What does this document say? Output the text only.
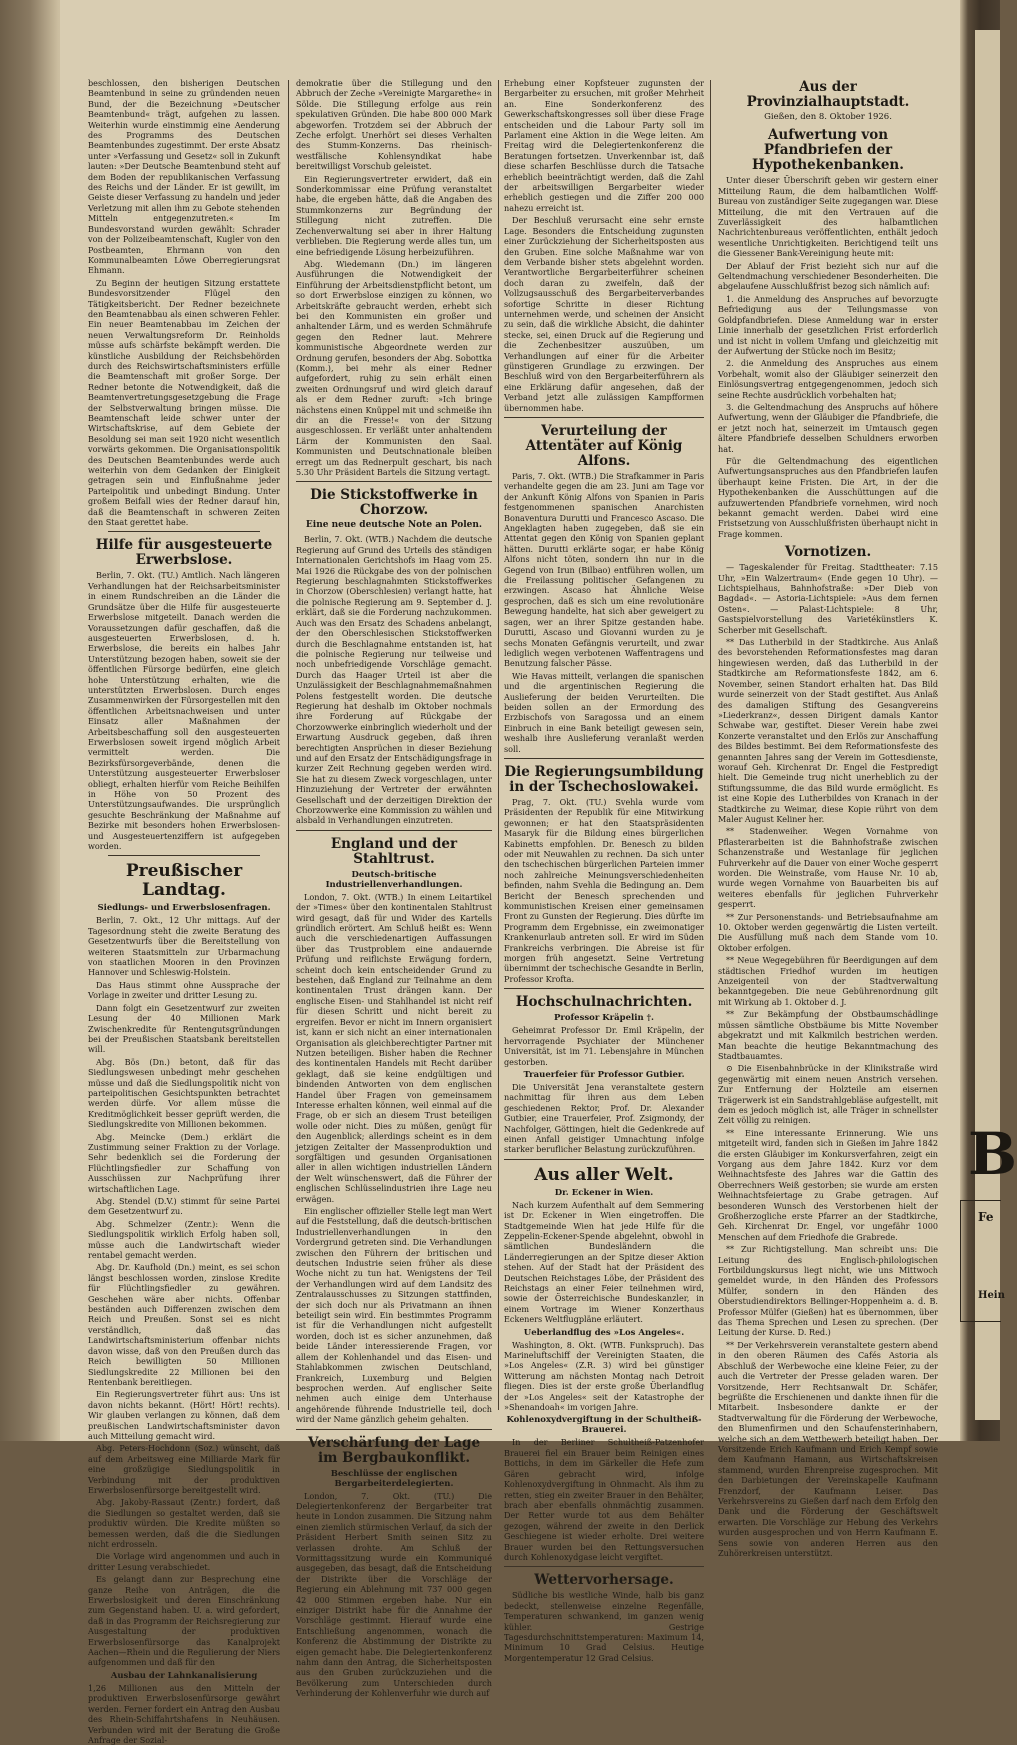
beschlossen, den bisherigen Deutschen Beamtenbund in seine zu gründenden neuen Bund, der die Bezeichnung »Deutscher Beamtenbund« trägt, aufgehen zu lassen. Weiterhin wurde einstimmig eine Aenderung des Programms des Deutschen Beamtenbundes zugestimmt. Der erste Absatz unter »Verfassung und Gesetz« soll in Zukunft lauten: »Der Deutsche Beamtenbund steht auf dem Boden der republikanischen Verfassung des Reichs und der Länder. Er ist gewillt, im Geiste dieser Verfassung zu handeln und jeder Verletzung mit allen ihm zu Gebote stehenden Mitteln entgegenzutreten.« Im Bundesvorstand wurden gewählt: Schrader von der Polizeibeamtenschaft, Kugler von den Postbeamten, Ehrmann von den Kommunalbeamten Löwe Oberregierungsrat Ehmann.

Zu Beginn der heutigen Sitzung erstattete Bundesvorsitzender Flügel den Tätigkeitsbericht. Der Redner bezeichnete den Beamtenabbau als einen schweren Fehler. Ein neuer Beamtenabbau im Zeichen der neuen Verwaltungsreform Dr. Reinholds müsse aufs schärfste bekämpft werden. Die künstliche Ausbildung der Reichsbehörden durch des Reichswirtschaftsministers erfülle die Beamtenschaft mit großer Sorge. Der Redner betonte die Notwendigkeit, daß die Beamtenvertretungsgesetzgebung die Frage der Selbstverwaltung bringen müsse. Die Beamtenschaft leide schwer unter der Wirtschaftskrise, auf dem Gebiete der Besoldung sei man seit 1920 nicht wesentlich vorwärts gekommen. Die Organisationspolitik des Deutschen Beamtenbundes werde auch weiterhin von dem Gedanken der Einigkeit getragen sein und Einflußnahme jeder Parteipolitik und unbedingt Bindung. Unter großem Beifall wies der Redner darauf hin, daß die Beamtenschaft in schweren Zeiten den Staat gerettet habe.

Hilfe für ausgesteuerte Erwerbslose.

Berlin, 7. Okt. (TU.) Amtlich. Nach längeren Verhandlungen hat der Reichsarbeitsminister in einem Rundschreiben an die Länder die Grundsätze über die Hilfe für ausgesteuerte Erwerbslose mitgeteilt. Danach werden die Voraussetzungen dafür geschaffen, daß die ausgesteuerten Erwerbslosen, d. h. Erwerbslose, die bereits ein halbes Jahr Unterstützung bezogen haben, soweit sie der öffentlichen Fürsorge bedürfen, eine gleich hohe Unterstützung erhalten, wie die unterstützten Erwerbslosen. Durch enges Zusammenwirken der Fürsorgestellen mit den öffentlichen Arbeitsnachweisen und unter Einsatz aller Maßnahmen der Arbeitsbeschaffung soll den ausgesteuerten Erwerbslosen soweit irgend möglich Arbeit vermittelt werden. Die Bezirksfürsorgeverbände, denen die Unterstützung ausgesteuerter Erwerbsloser obliegt, erhalten hierfür vom Reiche Beihilfen in Höhe von 50 Prozent des Unterstützungsaufwandes. Die ursprünglich gesuchte Beschränkung der Maßnahme auf Bezirke mit besonders hohen Erwerbslosen- und Ausgesteuertenziffern ist aufgegeben worden.

Preußischer Landtag.
Siedlungs- und Erwerbslosenfragen.

Berlin, 7. Okt., 12 Uhr mittags. Auf der Tagesordnung steht die zweite Beratung des Gesetzentwurfs über die Bereitstellung von weiteren Staatsmitteln zur Urbarmachung von staatlichen Mooren in den Provinzen Hannover und Schleswig-Holstein.

Das Haus stimmt ohne Aussprache der Vorlage in zweiter und dritter Lesung zu.

Dann folgt ein Gesetzentwurf zur zweiten Lesung der 40 Millionen Mark Zwischenkredite für Rentengutsgründungen bei der Preußischen Staatsbank bereitstellen will.

Abg. Bös (Dn.) betont, daß für das Siedlungswesen unbedingt mehr geschehen müsse und daß die Siedlungspolitik nicht von parteipolitischen Gesichtspunkten betrachtet werden dürfe. Vor allem müsse die Kreditmöglichkeit besser geprüft werden, die Siedlungskredite von Millionen bekommen.

Abg. Meincke (Dem.) erklärt die Zustimmung seiner Fraktion zu der Vorlage. Sehr bedenklich sei die Forderung der Flüchtlingsfiedler zur Schaffung von Ausschüssen zur Nachprüfung ihrer wirtschaftlichen Lage.

Abg. Stendel (D.V.) stimmt für seine Partei dem Gesetzentwurf zu.

Abg. Schmelzer (Zentr.): Wenn die Siedlungspolitik wirklich Erfolg haben soll, müsse auch die Landwirtschaft wieder rentabel gemacht werden.

Abg. Dr. Kaufhold (Dn.) meint, es sei schon längst beschlossen worden, zinslose Kredite für Flüchtlingsfiedler zu gewähren. Geschehen wäre aber nichts. Offenbar beständen auch Differenzen zwischen dem Reich und Preußen. Sonst sei es nicht verständlich, daß das Landwirtschaftsministerium offenbar nichts davon wisse, daß von den Preußen durch das Reich bewilligten 50 Millionen Siedlungskredite 22 Millionen bei den Rentenbank bereitliegen.

Ein Regierungsvertreter führt aus: Uns ist davon nichts bekannt. (Hört! Hört! rechts). Wir glauben verlangen zu können, daß dem preußischen Landwirtschaftsminister davon auch Mitteilung gemacht wird.

Abg. Peters-Hochdonn (Soz.) wünscht, daß auf dem Arbeitsweg eine Milliarde Mark für eine großzügige Siedlungspolitik in Verbindung mit der produktiven Erwerbslosenfürsorge bereitgestellt wird.

Abg. Jakoby-Rassaut (Zentr.) fordert, daß die Siedlungen so gestaltet werden, daß sie produktiv würden. Die Kredite müßten so bemessen werden, daß die die Siedlungen nicht erdrosseln.

Die Vorlage wird angenommen und auch in dritter Lesung verabschiedet.

Es gelangt dann zur Besprechung eine ganze Reihe von Anträgen, die die Erwerbslosigkeit und deren Einschränkung zum Gegenstand haben. U. a. wird gefordert, daß in das Programm der Reichsregierung zur Ausgestaltung der produktiven Erwerbslosenfürsorge das Kanalprojekt Aachen—Rhein und die Regulierung der Niers aufgenommen und daß für den

Ausbau der Lahnkanalisierung

1,26 Millionen aus den Mitteln der produktiven Erwerbslosenfürsorge gewährt werden. Ferner fordert ein Antrag den Ausbau des Rhein-Schiffahrtshafens in Neuhäusen. Verbunden wird mit der Beratung die Große Anfrage der Sozial-

demokratie über die Stillegung und den Abbruch der Zeche »Vereinigte Margarethe« in Sölde. Die Stillegung erfolge aus rein spekulativen Gründen. Die habe 800 000 Mark abgeworfen. Trotzdem sei der Abbruch der Zeche erfolgt. Unerhört sei dieses Verhalten des Stumm-Konzerns. Das rheinisch-westfälische Kohlensyndikat habe bereitwilligst Vorschub geleistet.

Ein Regierungsvertreter erwidert, daß ein Sonderkommissar eine Prüfung veranstaltet habe, die ergeben hätte, daß die Angaben des Stummkonzerns zur Begründung der Stillegung nicht zutreffen. Die Zechenverwaltung sei aber in ihrer Haltung verblieben. Die Regierung werde alles tun, um eine befriedigende Lösung herbeizuführen.

Abg. Wiedemann (Dn.) im längeren Ausführungen die Notwendigkeit der Einführung der Arbeitsdienstpflicht betont, um so dort Erwerbslose einzigen zu können, wo Arbeitskräfte gebraucht werden, erhebt sich bei den Kommunisten ein großer und anhaltender Lärm, und es werden Schmährufe gegen den Redner laut. Mehrere kommunistische Abgeordnete werden zur Ordnung gerufen, besonders der Abg. Sobottka (Komm.), bei mehr als einer Redner aufgefordert, ruhig zu sein erhält einen zweiten Ordnungsruf und wird gleich darauf als er dem Redner zuruft: »Ich bringe nächstens einen Knüppel mit und schmeiße ihn dir an die Fresse!« von der Sitzung ausgeschlossen. Er verläßt unter anhaltendem Lärm der Kommunisten den Saal. Kommunisten und Deutschnationale bleiben erregt um das Rednerpult geschart, bis nach 5.30 Uhr Präsident Bartels die Sitzung vertagt.

Die Stickstoffwerke in Chorzow.
Eine neue deutsche Note an Polen.

Berlin, 7. Okt. (WTB.) Nachdem die deutsche Regierung auf Grund des Urteils des ständigen Internationalen Gerichtshofs im Haag vom 25. Mai 1926 die Rückgabe des von der polnischen Regierung beschlagnahmten Stickstoffwerkes in Chorzow (Oberschlesien) verlangt hatte, hat die polnische Regierung am 9. September d. J. erklärt, daß sie die Forderung nachzukommen. Auch was den Ersatz des Schadens anbelangt, der den Oberschlesischen Stickstoffwerken durch die Beschlagnahme entstanden ist, hat die polnische Regierung nur teilweise und noch unbefriedigende Vorschläge gemacht. Durch das Haager Urteil ist aber die Unzulässigkeit der Beschlagnahmemaßnahmen Polens festgestellt worden. Die deutsche Regierung hat deshalb im Oktober nochmals ihre Forderung auf Rückgabe der Chorzowwerke einbringlich wiederholt und der Erwartung Ausdruck gegeben, daß ihren berechtigten Ansprüchen in dieser Beziehung und auf den Ersatz der Entschädigungsfrage in kurzer Zeit Rechnung gegeben werden wird. Sie hat zu diesem Zweck vorgeschlagen, unter Hinzuziehung der Vertreter der erwähnten Gesellschaft und der derzeitigen Direktion der Chorzowwerke eine Kommission zu wählen und alsbald in Verhandlungen einzutreten.

England und der Stahltrust.
Deutsch-britische Industriellenverhandlungen.

London, 7. Okt. (WTB.) In einem Leitartikel der »Times« über den kontinentalen Stahltrust wird gesagt, daß für und Wider des Kartells gründlich erörtert. Am Schluß heißt es: Wenn auch die verschiedenartigen Auffassungen über das Trustproblem eine andauernde Prüfung und reiflichste Erwägung fordern, scheint doch kein entscheidender Grund zu bestehen, daß England zur Teilnahme an dem kontinentalen Trust drängen kann. Der englische Eisen- und Stahlhandel ist nicht reif für diesen Schritt und nicht bereit zu ergreifen. Bevor er nicht im Innern organisiert ist, kann er sich nicht an einer internationalen Organisation als gleichberechtigter Partner mit Nutzen beteiligen. Bisher haben die Rechner des kontinentalen Handels mit Recht darüber geklagt, daß sie keine endgültigen und bindenden Antworten von dem englischen Handel über Fragen von gemeinsamem Interesse erhalten können, weil einmal auf die Frage, ob er sich an diesem Trust beteiligen wolle oder nicht. Dies zu müßen, genügt für den Augenblick; allerdings scheint es in dem jetzigen Zeitalter der Massenproduktion und sorgfältigen und gesunden Organisationen aller in allen wichtigen industriellen Ländern der Welt wünschenswert, daß die Führer der englischen Schlüsselindustrien ihre Lage neu erwägen.

Ein englischer offizieller Stelle legt man Wert auf die Feststellung, daß die deutsch-britischen Industriellenverhandlungen in den Vordergrund getreten sind. Die Verhandlungen zwischen den Führern der britischen und deutschen Industrie seien früher als diese Woche nicht zu tun hat. Wenigstens der Teil der Verhandlungen wird auf dem Landsitz des Zentralausschusses zu Sitzungen stattfinden, der sich doch nur als Privatmann an ihnen beteiligt sein wird. Ein bestimmtes Programm ist für die Verhandlungen nicht aufgestellt worden, doch ist es sicher anzunehmen, daß beide Länder interessierende Fragen, vor allem der Kohlenhandel und das Eisen- und Stahlabkommen zwischen Deutschland, Frankreich, Luxemburg und Belgien besprochen werden. Auf englischer Seite nehmen auch einige dem Unterhause angehörende führende Industrielle teil, doch wird der Name gänzlich geheim gehalten.

Verschärfung der Lage im Bergbaukonflikt.
Beschlüsse der englischen Bergarbeiterdelegierten.

London, 7. Okt. (TU.) Die Delegiertenkonferenz der Bergarbeiter trat heute in London zusammen. Die Sitzung nahm einen ziemlich stürmischen Verlauf, da sich der Präsident Herbert Smith seinen Sitz zu verlassen drohte. Am Schluß der Vormittagssitzung wurde ein Kommuniqué ausgegeben, das besagt, daß die Entscheidung der Distrikte über die Vorschläge der Regierung ein Ablehnung mit 737 000 gegen 42 000 Stimmen ergeben habe. Nur ein einziger Distrikt habe für die Annahme der Vorschläge gestimmt. Hierauf wurde eine Entschließung angenommen, wonach die Konferenz die Abstimmung der Distrikte zu eigen gemacht habe. Die Delegiertenkonferenz nahm dann den Antrag, die Sicherheitsposten aus den Gruben zurückzuziehen und die Bevölkerung zum Unterschieden durch Verhinderung der Kohlenverfuhr wie durch auf

Erhebung einer Kopfsteuer zugunsten der Bergarbeiter zu ersuchen, mit großer Mehrheit an. Eine Sonderkonferenz des Gewerkschaftskongresses soll über diese Frage entscheiden und die Labour Party soll im Parlament eine Aktion in die Wege leiten. Am Freitag wird die Delegiertenkonferenz die Beratungen fortsetzen. Unverkennbar ist, daß diese scharfen Beschlüsse durch die Tatsache erheblich beeinträchtigt werden, daß die Zahl der arbeitswilligen Bergarbeiter wieder erheblich gestiegen und die Ziffer 200 000 nahezu erreicht ist.

Der Beschluß verursacht eine sehr ernste Lage. Besonders die Entscheidung zugunsten einer Zurückziehung der Sicherheitsposten aus den Gruben. Eine solche Maßnahme war von dem Verbande bisher stets abgelehnt worden. Verantwortliche Bergarbeiterführer scheinen doch daran zu zweifeln, daß der Vollzugsausschuß des Bergarbeiterverbandes sofortige Schritte in dieser Richtung unternehmen werde, und scheinen der Ansicht zu sein, daß die wirkliche Absicht, die dahinter stecke, sei, einen Druck auf die Regierung und die Zechenbesitzer auszuüben, um Verhandlungen auf einer für die Arbeiter günstigeren Grundlage zu erzwingen. Der Beschluß wird von den Bergarbeiterführern als eine Erklärung dafür angesehen, daß der Verband jetzt alle zulässigen Kampfformen übernommen habe.

Verurteilung der Attentäter auf König Alfons.

Paris, 7. Okt. (WTB.) Die Strafkammer in Paris verhandelte gegen die am 23. Juni am Tage vor der Ankunft König Alfons von Spanien in Paris festgenommenen spanischen Anarchisten Bonaventura Durutti und Francesco Ascaso. Die Angeklagten haben zugegeben, daß sie ein Attentat gegen den König von Spanien geplant hätten. Durutti erklärte sogar, er habe König Alfons nicht töten, sondern ihn nur in die Gegend von Irun (Bilbao) entführen wollen, um die Freilassung politischer Gefangenen zu erzwingen. Ascaso hat Ähnliche Weise gesprochen, daß es sich um eine revolutionäre Bewegung handelte, hat sich aber geweigert zu sagen, wer an ihrer Spitze gestanden habe. Durutti, Ascaso und Giovanni wurden zu je sechs Monaten Gefängnis verurteilt, und zwar lediglich wegen verbotenen Waffentragens und Benutzung falscher Pässe.

Wie Havas mitteilt, verlangen die spanischen und die argentinischen Regierung die Auslieferung der beiden Verurteilten. Die beiden sollen an der Ermordung des Erzbischofs von Saragossa und an einem Einbruch in eine Bank beteiligt gewesen sein, weshalb ihre Auslieferung veranlaßt werden soll.

Die Regierungsumbildung in der Tschechoslowakei.

Prag, 7. Okt. (TU.) Svehla wurde vom Präsidenten der Republik für eine Mitwirkung gewonnen; er hat den Staatspräsidenten Masaryk für die Bildung eines bürgerlichen Kabinetts empfohlen. Dr. Benesch zu bilden oder mit Neuwahlen zu rechnen. Da sich unter den tschechischen bürgerlichen Parteien immer noch zahlreiche Meinungsverschiedenheiten befinden, nahm Svehla die Bedingung an. Dem Bericht der Benesch sprechenden und kommunistischen Kreisen einer gemeinsamen Front zu Gunsten der Regierung. Dies dürfte im Programm dem Ergebnisse, ein zweimonatiger Krankenurlaub antreten soll. Er wird im Süden Frankreichs verbringen. Die Abreise ist für morgen früh angesetzt. Seine Vertretung übernimmt der tschechische Gesandte in Berlin, Professor Krofta.

Hochschulnachrichten.
Professor Kräpelin †.

Geheimrat Professor Dr. Emil Kräpelin, der hervorragende Psychiater der Münchener Universität, ist im 71. Lebensjahre in München gestorben.

Trauerfeier für Professor Gutbier.

Die Universität Jena veranstaltete gestern nachmittag für ihren aus dem Leben geschiedenen Rektor, Prof. Dr. Alexander Gutbier, eine Trauerfeier, Prof. Zsigmondy, der Nachfolger, Göttingen, hielt die Gedenkrede auf einen Anfall geistiger Umnachtung infolge starker beruflicher Belastung zurückzuführen.

Aus aller Welt.
Dr. Eckener in Wien.

Nach kurzem Aufenthalt auf dem Semmering ist Dr. Eckener in Wien eingetroffen. Die Stadtgemeinde Wien hat jede Hilfe für die Zeppelin-Eckener-Spende abgelehnt, obwohl in sämtlichen Bundesländern die Länderregierungen an der Spitze dieser Aktion stehen. Auf der Stadt hat der Präsident des Deutschen Reichstages Löbe, der Präsident des Reichstags an einer Feier teilnehmen wird, sowie der Österreichische Bundeskanzler, in einem Vortrage im Wiener Konzerthaus Eckeners Weltflugpläne erläutert.

Ueberlandflug des »Los Angeles«.

Washington, 8. Okt. (WTB. Funkspruch). Das Marineluftschiff der Vereinigten Staaten, die »Los Angeles« (Z.R. 3) wird bei günstiger Witterung am nächsten Montag nach Detroit fliegen. Dies ist der erste große Überlandflug der »Los Angeles« seit der Katastrophe der »Shenandoah« im vorigen Jahre.

Kohlenoxydvergiftung in der Schultheiß-Brauerei.

In der Berliner Schultheiß-Patzenhofer Brauerei fiel ein Brauer beim Reinigen eines Bottichs, in dem im Gärkeller die Hefe zum Gären gebracht wird, infolge Kohlenoxydvergiftung in Ohnmacht. Als ihm zu retten, stieg ein zweiter Brauer in den Behälter, brach aber ebenfalls ohnmächtig zusammen. Der Retter wurde tot aus dem Behälter gezogen, während der zweite in den Derlick Geschiegene ist wieder erholte. Drei weitere Brauer wurden bei den Rettungsversuchen durch Kohlenoxydgase leicht vergiftet.

Wettervorhersage.

Südliche bis westliche Winde, halb bis ganz bedeckt, stellenweise einzelne Regenfälle, Temperaturen schwankend, im ganzen wenig kühler. Gestrige Tagesdurchschnittstemperaturen: Maximum 14, Minimum 10 Grad Celsius. Heutige Morgentemperatur 12 Grad Celsius.

Aus der Provinzialhauptstadt.
Gießen, den 8. Oktober 1926.
Aufwertung von Pfandbriefen der Hypothekenbanken.

Unter dieser Überschrift geben wir gestern einer Mitteilung Raum, die dem halbamtlichen Wolff-Bureau von zuständiger Seite zugegangen war. Diese Mitteilung, die mit den Vertrauen auf die Zuverlässigkeit des halbamtlichen Nachrichtenbureaus veröffentlichten, enthält jedoch wesentliche Unrichtigkeiten. Berichtigend teilt uns die Giessener Bank-Vereinigung heute mit:

Der Ablauf der Frist bezieht sich nur auf die Geltendmachung verschiedener Besonderheiten. Die abgelaufene Ausschlußfrist bezog sich nämlich auf:

1. die Anmeldung des Anspruches auf bevorzugte Befriedigung aus der Teilungsmasse von Goldpfandbriefen. Diese Anmeldung war in erster Linie innerhalb der gesetzlichen Frist erforderlich und ist nicht in vollem Umfang und gleichzeitig mit der Aufwertung der Stücke noch im Besitz;

2. die Anmeldung des Anspruches aus einem Vorbehalt, womit also der Gläubiger seinerzeit den Einlösungsvertrag entgegengenommen, jedoch sich seine Rechte ausdrücklich vorbehalten hat;

3. die Geltendmachung des Anspruchs auf höhere Aufwertung, wenn der Gläubiger die Pfandbriefe, die er jetzt noch hat, seinerzeit im Umtausch gegen ältere Pfandbriefe desselben Schuldners erworben hat.

Für die Geltendmachung des eigentlichen Aufwertungsanspruches aus den Pfandbriefen laufen überhaupt keine Fristen. Die Art, in der die Hypothekenbanken die Ausschüttungen auf die aufzuwertenden Pfandbriefe vornehmen, wird noch bekannt gemacht werden. Dabei wird eine Fristsetzung von Ausschlußfristen überhaupt nicht in Frage kommen.

Vornotizen.

— Tageskalender für Freitag. Stadttheater: 7.15 Uhr, »Ein Walzertraum« (Ende gegen 10 Uhr). — Lichtspielhaus, Bahnhofstraße: »Der Dieb von Bagdad«. — Astoria-Lichtspiele: »Aus dem fernen Osten«. — Palast-Lichtspiele: 8 Uhr, Gastspielvorstellung des Varietékünstlers K. Scherber mit Gesellschaft.

** Das Lutherbild in der Stadtkirche. Aus Anlaß des bevorstehenden Reformationsfestes mag daran hingewiesen werden, daß das Lutherbild in der Stadtkirche am Reformationsfeste 1842, am 6. November, seinen Standort erhalten hat. Das Bild wurde seinerzeit von der Stadt gestiftet. Aus Anlaß des damaligen Stiftung des Gesangvereins »Liederkranz«, dessen Dirigent damals Kantor Schwabe war, gestiftet. Dieser Verein habe zwei Konzerte veranstaltet und den Erlös zur Anschaffung des Bildes bestimmt. Bei dem Reformationsfeste des genannten Jahres sang der Verein im Gottesdienste, worauf Geh. Kirchenrat Dr. Engel die Festpredigt hielt. Die Gemeinde trug nicht unerheblich zu der Stiftungssumme, die das Bild wurde ermöglicht. Es ist eine Kopie des Lutherbildes von Kranach in der Stadtkirche zu Weimar, diese Kopie rührt von dem Maler August Keliner her.

** Stadenweiher. Wegen Vornahme von Pflasterarbeiten ist die Bahnhofstraße zwischen Schanzenstraße und Westanlage für jeglichen Fuhrverkehr auf die Dauer von einer Woche gesperrt worden. Die Weinstraße, vom Hause Nr. 10 ab, wurde wegen Vornahme von Bauarbeiten bis auf weiteres ebenfalls für jeglichen Fuhrverkehr gesperrt.

** Zur Personenstands- und Betriebsaufnahme am 10. Oktober werden gegenwärtig die Listen verteilt. Die Ausfüllung muß nach dem Stande vom 10. Oktober erfolgen.

** Neue Wegegebühren für Beerdigungen auf dem städtischen Friedhof wurden im heutigen Anzeigenteil von der Stadtverwaltung bekanntgegeben. Die neue Gebührenordnung gilt mit Wirkung ab 1. Oktober d. J.

** Zur Bekämpfung der Obstbaumschädlinge müssen sämtliche Obstbäume bis Mitte November abgekratzt und mit Kalkmilch bestrichen werden. Man beachte die heutige Bekanntmachung des Stadtbauamtes.

⊙ Die Eisenbahnbrücke in der Klinikstraße wird gegenwärtig mit einem neuen Anstrich versehen. Zur Entfernung der Holzteile am eisernen Trägerwerk ist ein Sandstrahlgebläse aufgestellt, mit dem es jedoch möglich ist, alle Träger in schnellster Zeit völlig zu reinigen.

** Eine interessante Erinnerung. Wie uns mitgeteilt wird, fanden sich in Gießen im Jahre 1842 die ersten Gläubiger im Konkursverfahren, zeigt ein Vorgang aus dem Jahre 1842. Kurz vor dem Weihnachtsfeste des Jahres war die Gattin des Oberrechners Weiß gestorben; sie wurde am ersten Weihnachtsfeiertage zu Grabe getragen. Auf besonderen Wunsch des Verstorbenen hielt der Großherzogliche erste Pfarrer an der Stadtkirche, Geh. Kirchenrat Dr. Engel, vor ungefähr 1000 Menschen auf dem Friedhofe die Grabrede.

** Zur Richtigstellung. Man schreibt uns: Die Leitung des Englisch-philologischen Fortbildungskursus liegt nicht, wie uns Mittwoch gemeldet wurde, in den Händen des Professors Mülfer, sondern in den Händen des Oberstudiendirektors Bellinger-Hoppenheim a. d. B. Professor Mülfer (Gießen) hat es übernommen, über das Thema Sprechen und Lesen zu sprechen. (Der Leitung der Kurse. D. Red.)

** Der Verkehrsverein veranstaltete gestern abend in den oberen Räumen des Cafés Astoria als Abschluß der Werbewoche eine kleine Feier, zu der auch die Vertreter der Presse geladen waren. Der Vorsitzende, Herr Rechtsanwalt Dr. Schäfer, begrüßte die Erschienenen und dankte ihnen für die Mitarbeit. Insbesondere dankte er der Stadtverwaltung für die Förderung der Werbewoche, den Blumenfirmen und den Schaufensterinhabern, welche sich an dem Wettbewerb beteiligt haben. Der Vorsitzende Erich Kaufmann und Erich Kempf sowie dem Kaufmann Hamann, aus Wirtschaftskreisen stammend, wurden Ehrenpreise zugesprochen. Mit den Darbietungen der Vereinskapelle Kaufmann Frenzdorf, der Kaufmann Leiser. Das Verkehrsvereins zu Gießen darf nach dem Erfolg den Dank und die Förderung der Geschäftswelt erwarten. Die Vorschläge zur Hebung des Verkehrs wurden ausgesprochen und von Herrn Kaufmann E. Sens sowie von anderen Herren aus den Zuhörerkreisen unterstützt.

B
Fe
Hein
